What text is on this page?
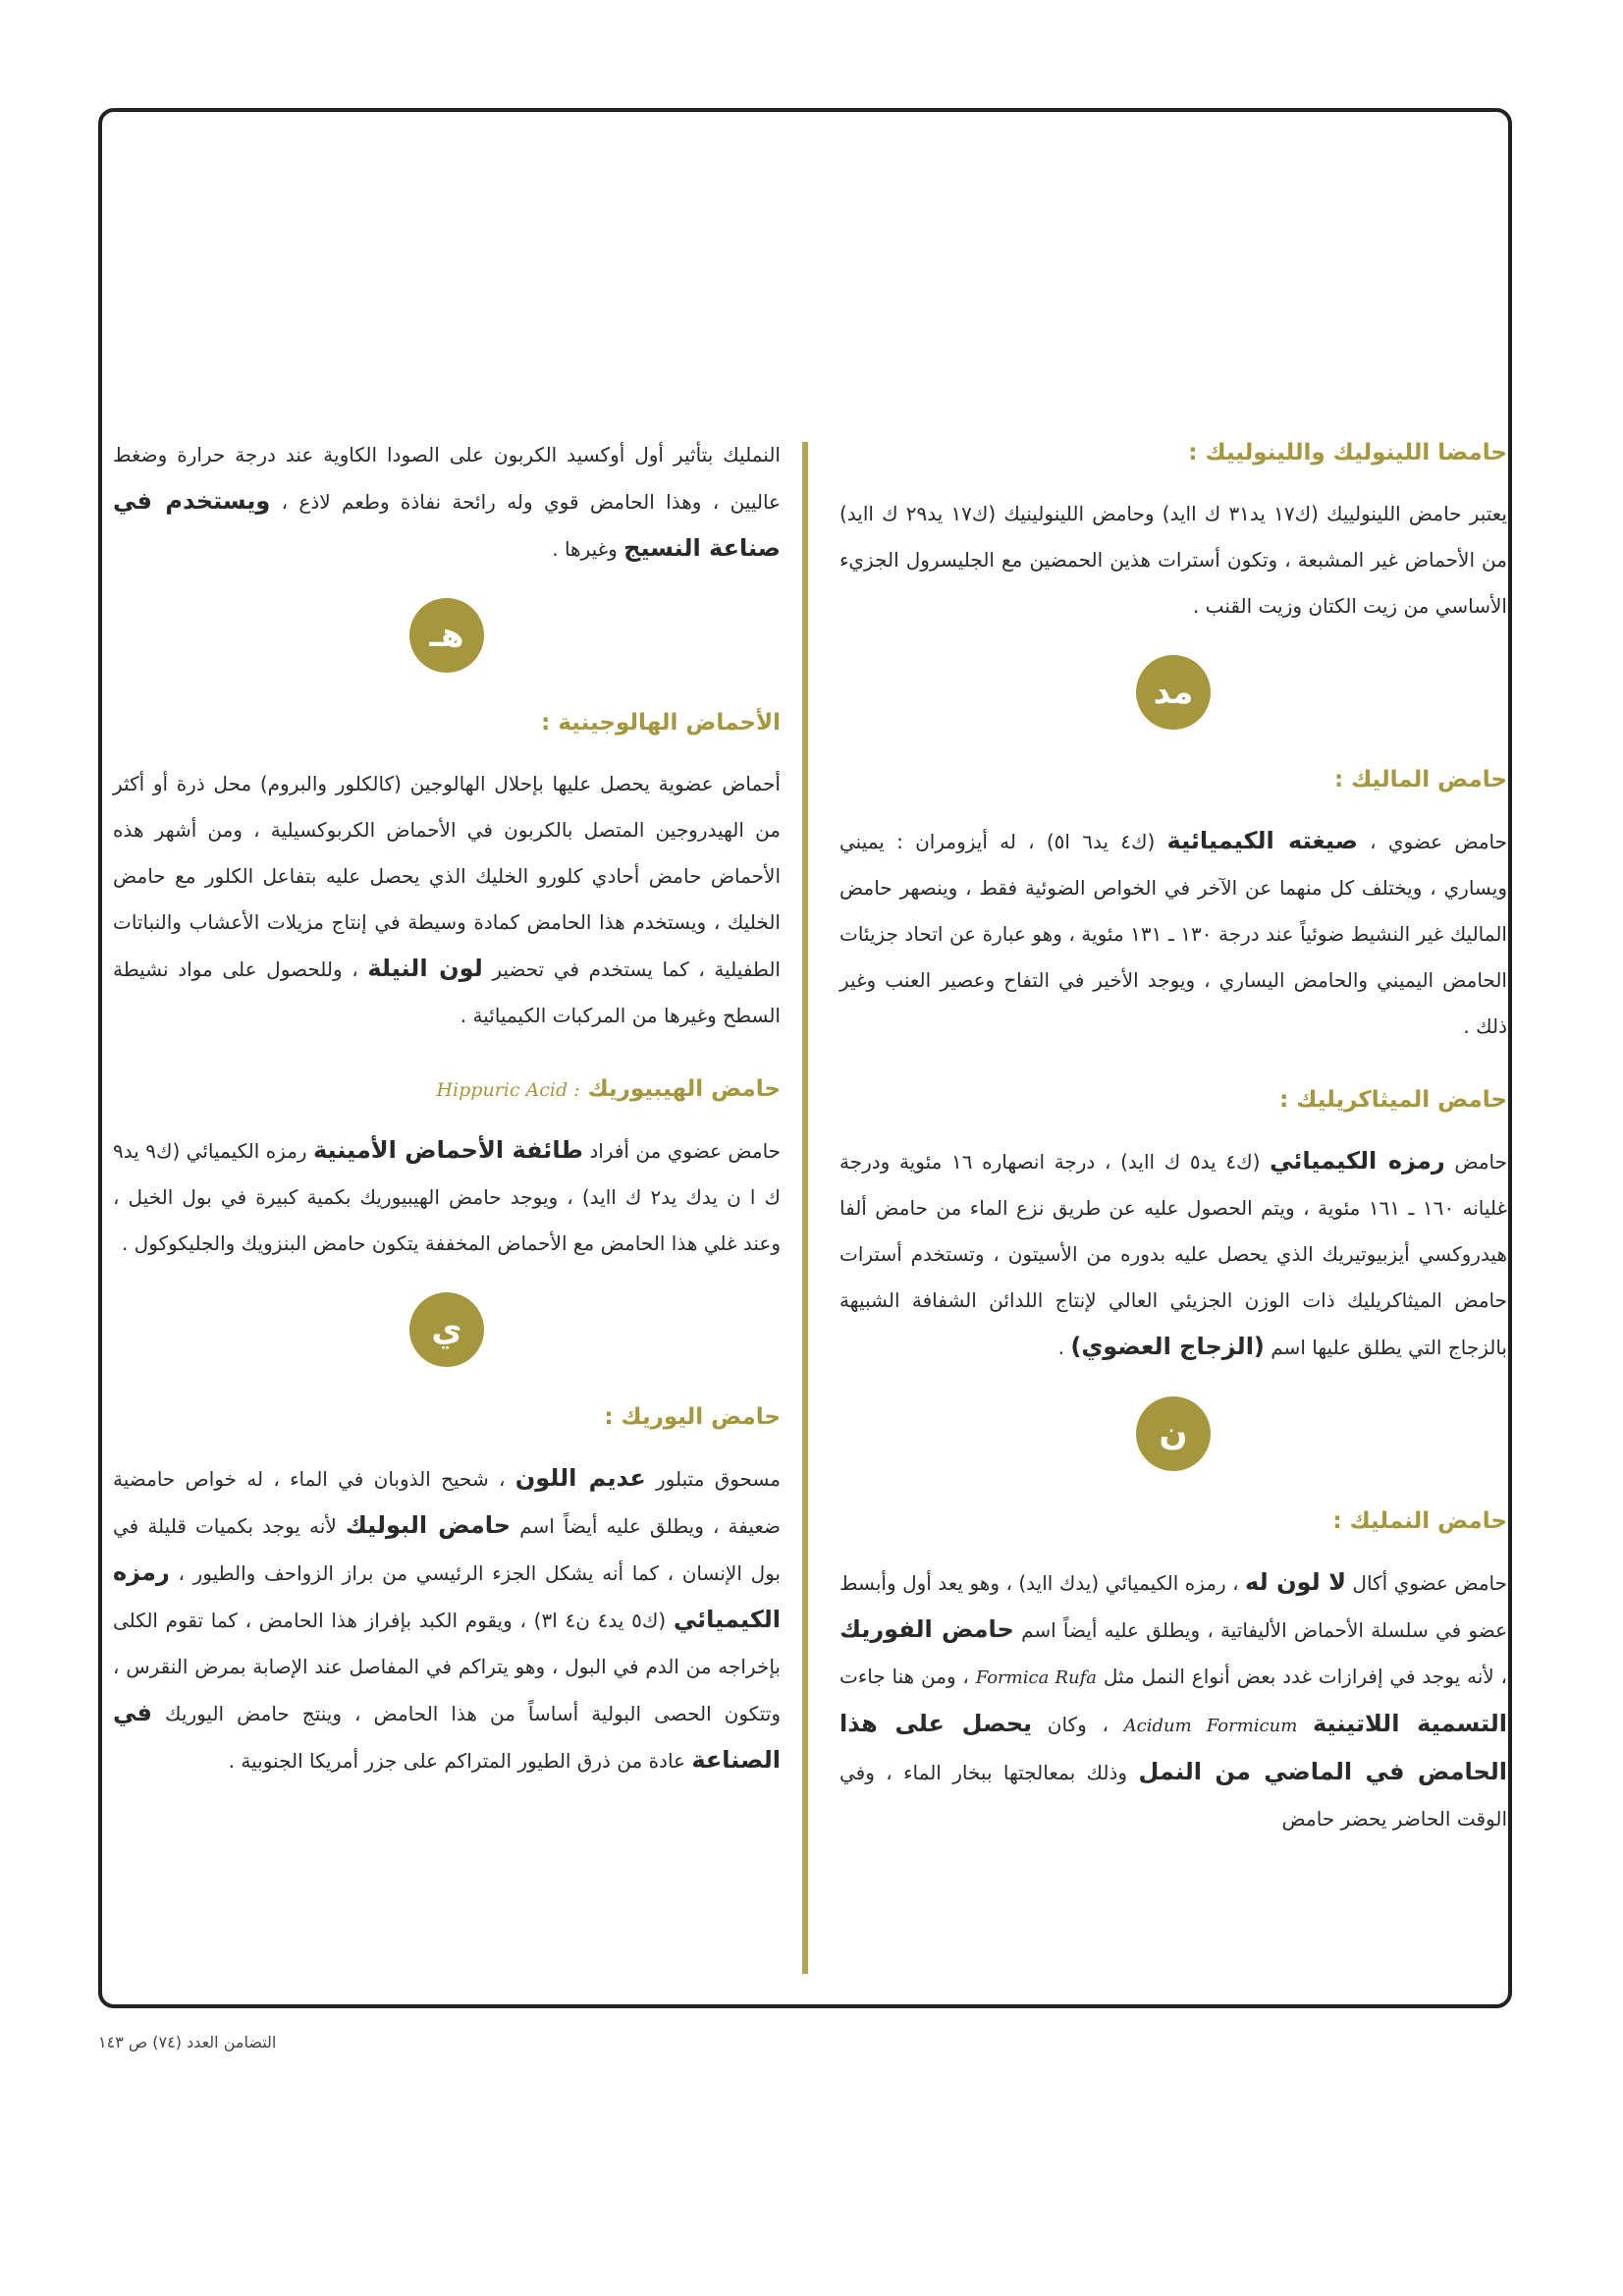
حامضا اللينوليك واللينولييك :

يعتبر حامض اللينولييك (ك١٧ يد٣١ ك اايد) وحامض اللينولينيك (ك١٧ يد٢٩ ك اايد) من الأحماض غير المشبعة ، وتكون أسترات هذين الحمضين مع الجليسرول الجزيء الأساسي من زيت الكتان وزيت القنب .

مد
حامض الماليك :

حامض عضوي ، صيغته الكيميائية (ك٤ يد٦ ا٥) ، له أيزومران : يميني ويساري ، ويختلف كل منهما عن الآخر في الخواص الضوئية فقط ، وينصهر حامض الماليك غير النشيط ضوئياً عند درجة ١٣٠ ـ ١٣١ مئوية ، وهو عبارة عن اتحاد جزيئات الحامض اليميني والحامض اليساري ، ويوجد الأخير في التفاح وعصير العنب وغير ذلك .

حامض الميثاكريليك :

حامض رمزه الكيميائي (ك٤ يد٥ ك اايد) ، درجة انصهاره ١٦ مئوية ودرجة غليانه ١٦٠ ـ ١٦١ مئوية ، ويتم الحصول عليه عن طريق نزع الماء من حامض ألفا هيدروكسي أيزبيوتيريك الذي يحصل عليه بدوره من الأسيتون ، وتستخدم أسترات حامض الميثاكريليك ذات الوزن الجزيئي العالي لإنتاج اللدائن الشفافة الشبيهة بالزجاج التي يطلق عليها اسم (الزجاج العضوي) .

ن
حامض النمليك :

حامض عضوي أكال لا لون له ، رمزه الكيميائي (يدك اايد) ، وهو يعد أول وأبسط عضو في سلسلة الأحماض الأليفاتية ، ويطلق عليه أيضاً اسم حامض الفوريك ، لأنه يوجد في إفرازات غدد بعض أنواع النمل مثل Formica Rufa ، ومن هنا جاءت التسمية اللاتينية Acidum Formicum ، وكان يحصل على هذا الحامض في الماضي من النمل وذلك بمعالجتها ببخار الماء ، وفي الوقت الحاضر يحضر حامض

النمليك بتأثير أول أوكسيد الكربون على الصودا الكاوية عند درجة حرارة وضغط عاليين ، وهذا الحامض قوي وله رائحة نفاذة وطعم لاذع ، ويستخدم في صناعة النسيج وغيرها .

هـ
الأحماض الهالوجينية :

أحماض عضوية يحصل عليها بإحلال الهالوجين (كالكلور والبروم) محل ذرة أو أكثر من الهيدروجين المتصل بالكربون في الأحماض الكربوكسيلية ، ومن أشهر هذه الأحماض حامض أحادي كلورو الخليك الذي يحصل عليه بتفاعل الكلور مع حامض الخليك ، ويستخدم هذا الحامض كمادة وسيطة في إنتاج مزيلات الأعشاب والنباتات الطفيلية ، كما يستخدم في تحضير لون النيلة ، وللحصول على مواد نشيطة السطح وغيرها من المركبات الكيميائية .

حامض الهيبيوريك Hippuric Acid :

حامض عضوي من أفراد طائفة الأحماض الأمينية رمزه الكيميائي (ك٩ يد٩ ك ا ن يدك يد٢ ك اايد) ، ويوجد حامض الهيبيوريك بكمية كبيرة في بول الخيل ، وعند غلي هذا الحامض مع الأحماض المخففة يتكون حامض البنزويك والجليكوكول .

ي
حامض اليوريك :

مسحوق متبلور عديم اللون ، شحيح الذوبان في الماء ، له خواص حامضية ضعيفة ، ويطلق عليه أيضاً اسم حامض البوليك لأنه يوجد بكميات قليلة في بول الإنسان ، كما أنه يشكل الجزء الرئيسي من براز الزواحف والطيور ، رمزه الكيميائي (ك٥ يد٤ ن٤ ا٣) ، ويقوم الكبد بإفراز هذا الحامض ، كما تقوم الكلى بإخراجه من الدم في البول ، وهو يتراكم في المفاصل عند الإصابة بمرض النقرس ، وتتكون الحصى البولية أساساً من هذا الحامض ، وينتج حامض اليوريك في الصناعة عادة من ذرق الطيور المتراكم على جزر أمريكا الجنوبية .

التضامن العدد (٧٤) ص ١٤٣
